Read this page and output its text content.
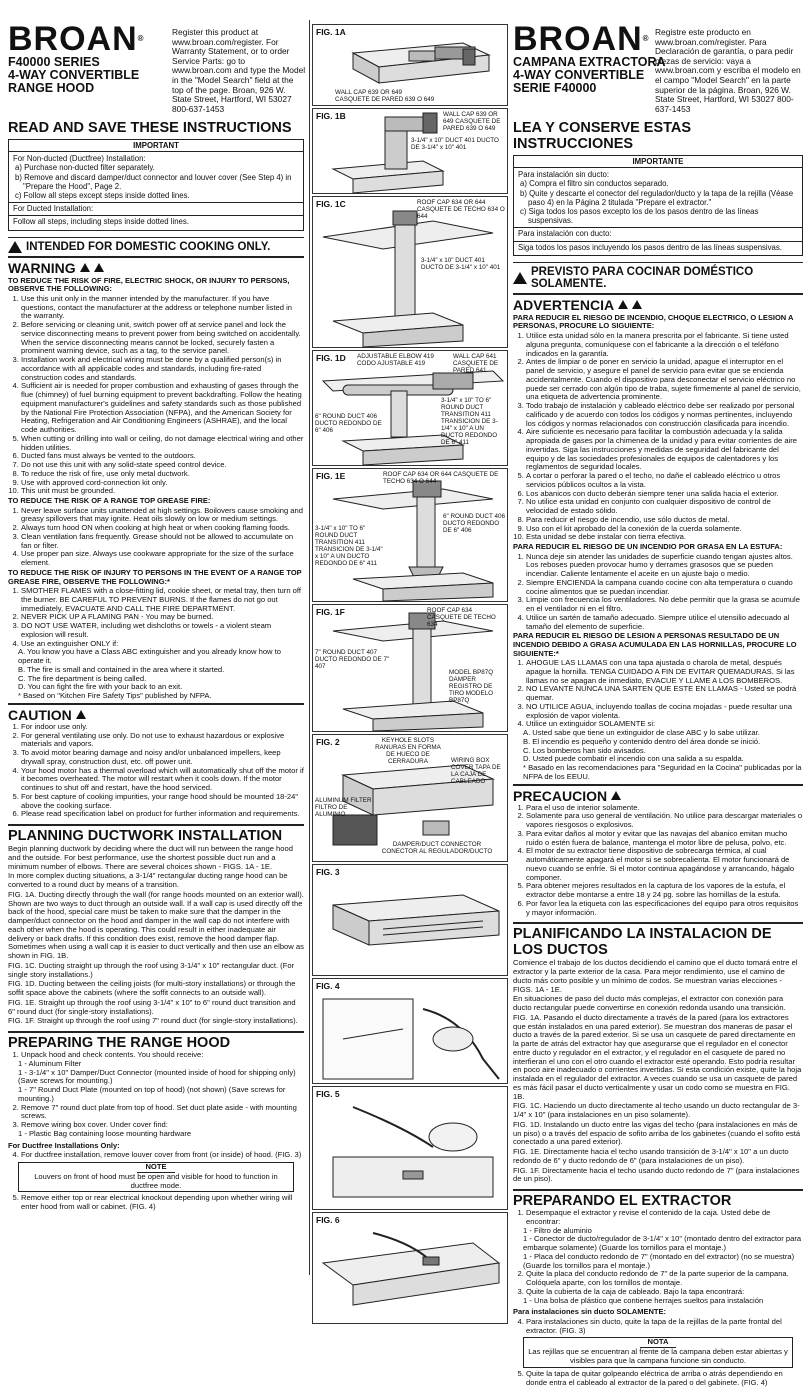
BROAN®
F40000 SERIES
4-WAY CONVERTIBLE
RANGE HOOD
Register this product at www.broan.com/register. For Warranty Statement, or to order Service Parts: go to www.broan.com and type the Model in the "Model Search" field at the top of the page. Broan, 926 W. State Street, Hartford, WI 53027 800-637-1453
READ AND SAVE THESE INSTRUCTIONS
IMPORTANT
For Non-ducted (Ductfree) Installation:
a) Purchase non-ducted filter separately.
b) Remove and discard damper/duct connector and louver cover (See Step 4) in "Prepare the Hood", Page 2.
c) Follow all steps except steps inside dotted lines.
For Ducted Installation:
Follow all steps, including steps inside dotted lines.
INTENDED FOR DOMESTIC COOKING ONLY.
WARNING
TO REDUCE THE RISK OF FIRE, ELECTRIC SHOCK, OR INJURY TO PERSONS, OBSERVE THE FOLLOWING:
1. Use this unit only in the manner intended by the manufacturer. If you have questions, contact the manufacturer at the address or telephone number listed in the warranty.
2. Before servicing or cleaning unit, switch power off at service panel and lock the service disconnecting means to prevent power from being switched on accidentally. When the service disconnecting means cannot be locked, securely fasten a prominent warning device, such as a tag, to the service panel.
3. Installation work and electrical wiring must be done by a qualified person(s) in accordance with all applicable codes and standards, including fire-rated construction codes and standards.
4. Sufficient air is needed for proper combustion and exhausting of gases through the flue (chimney) of fuel burning equipment to prevent backdrafting. Follow the heating equipment manufacturer's guidelines and safety standards such as those published by the National Fire Protection Association (NFPA), and the American Society for Heating, Refrigeration and Air Conditioning Engineers (ASHRAE), and the local code authorities.
5. When cutting or drilling into wall or ceiling, do not damage electrical wiring and other hidden utilities.
6. Ducted fans must always be vented to the outdoors.
7. Do not use this unit with any solid-state speed control device.
8. To reduce the risk of fire, use only metal ductwork.
9. Use with approved cord-connection kit only.
10. This unit must be grounded.
TO REDUCE THE RISK OF A RANGE TOP GREASE FIRE:
1. Never leave surface units unattended at high settings. Boilovers cause smoking and greasy spillovers that may ignite. Heat oils slowly on low or medium settings.
2. Always turn hood ON when cooking at high heat or when cooking flaming foods.
3. Clean ventilation fans frequently. Grease should not be allowed to accumulate on fan or filter.
4. Use proper pan size. Always use cookware appropriate for the size of the surface element.
TO REDUCE THE RISK OF INJURY TO PERSONS IN THE EVENT OF A RANGE TOP GREASE FIRE, OBSERVE THE FOLLOWING:*
1. SMOTHER FLAMES with a close-fitting lid, cookie sheet, or metal tray, then turn off the burner. BE CAREFUL TO PREVENT BURNS. If the flames do not go out immediately, EVACUATE AND CALL THE FIRE DEPARTMENT.
2. NEVER PICK UP A FLAMING PAN - You may be burned.
3. DO NOT USE WATER, including wet dishcloths or towels - a violent steam explosion will result.
4. Use an extinguisher ONLY if:
A. You know you have a Class ABC extinguisher and you already know how to operate it.
B. The fire is small and contained in the area where it started.
C. The fire department is being called.
D. You can fight the fire with your back to an exit.
* Based on "Kitchen Fire Safety Tips" published by NFPA.
CAUTION
1. For indoor use only.
2. For general ventilating use only. Do not use to exhaust hazardous or explosive materials and vapors.
3. To avoid motor bearing damage and noisy and/or unbalanced impellers, keep drywall spray, construction dust, etc. off power unit.
4. Your hood motor has a thermal overload which will automatically shut off the motor if it becomes overheated. The motor will restart when it cools down. If the motor continues to shut off and restart, have the hood serviced.
5. For best capture of cooking impurities, your range hood should be mounted 18-24" above the cooking surface.
6. Please read specification label on product for further information and requirements.
PLANNING DUCTWORK INSTALLATION
Begin planning ductwork by deciding where the duct will run between the range hood and the outside. For best performance, use the shortest possible duct run and a minimum number of elbows. There are several choices shown - FIGS. 1A - 1E.
In more complex ducting situations, a 3-1/4" rectangular ducting range hood can be converted to a round duct by means of a transition.
FIG. 1A. Ducting directly through the wall (for range hoods mounted on an exterior wall). Shown are two ways to duct through an outside wall. If a wall cap is used directly off the back of the hood, special care must be taken to make sure that the damper in the damper/duct connector on the hood and damper in the wall cap do not interfere with each other when the hood is operating. This could result in either inadequate air delivery or back drafts. If this condition does exist, remove the hood damper flap. Sometimes when using a wall cap it is easier to duct vertically and then use an elbow as shown in FIG. 1B.
FIG. 1C. Ducting straight up through the roof using 3-1/4" x 10" rectangular duct. (For single story installations.)
FIG. 1D. Ducting between the ceiling joists (for multi-story installations) or through the soffit space above the cabinets (where the soffit connects to an outside wall).
FIG. 1E. Straight up through the roof using 3-1/4" x 10" to 6" round duct transition and 6" round duct (for single-story installations).
FIG. 1F. Straight up through the roof using 7" round duct (for single-story installations).
PREPARING THE RANGE HOOD
1. Unpack hood and check contents. You should receive:
1 - Aluminum Filter
1 - 3-1/4" x 10" Damper/Duct Connector (mounted inside of hood for shipping only) (Save screws for mounting.)
1 - 7" Round Duct Plate (mounted on top of hood) (not shown) (Save screws for mounting.)
2. Remove 7" round duct plate from top of hood. Set duct plate aside - with mounting screws.
3. Remove wiring box cover. Under cover find:
1 - Plastic Bag containing loose mounting hardware
For Ductfree Installations Only:
4. For ductfree installation, remove louver cover from front (or inside) of hood. (FIG. 3)
NOTE
Louvers on front of hood must be open and visible for hood to function in ductfree mode.
5. Remove either top or rear electrical knockout depending upon whether wiring will enter hood from wall or cabinet. (FIG. 4)
FIG. 1A
WALL CAP 639 OR 649
CASQUETE DE PARED 639 O 649
FIG. 1B	WALL CAP 639 OR 649 CASQUETE DE PARED 639 O 649
3-1/4" x 10" DUCT 401 DUCTO DE 3-1/4" x 10" 401
FIG. 1C	ROOF CAP 634 OR 644 CASQUETE DE TECHO 634 O 644
3-1/4" x 10" DUCT 401 DUCTO DE 3-1/4" x 10" 401
FIG. 1D ADJUSTABLE ELBOW 419 CODO AJUSTABLE 419
WALL CAP 641 CASQUETE DE PARED 641
6" ROUND DUCT 406 DUCTO REDONDO DE 6" 406
3-1/4" x 10" TO 6" ROUND DUCT TRANSITION 411 TRANSICION DE 3-1/4" x 10" A UN DUCTO REDONDO DE 6" 411
FIG. 1E	ROOF CAP 634 OR 644 CASQUETE DE TECHO 634 O 644
6" ROUND DUCT 406 DUCTO REDONDO DE 6" 406
3-1/4" x 10" TO 6" ROUND DUCT TRANSITION 411 TRANSICION DE 3-1/4" x 10" A UN DUCTO REDONDO DE 6" 411
FIG. 1F	ROOF CAP 634 CASQUETE DE TECHO 634
7" ROUND DUCT 407 DUCTO REDONDO DE 7" 407
MODEL BP87Q DAMPER REGISTRO DE TIRO MODELO BP87Q
FIG. 2	KEYHOLE SLOTS RANURAS EN FORMA DE HUECO DE CERRADURA	WIRING BOX COVER TAPA DE LA CAJA DE CABLEADO
ALUMINUM FILTER FILTRO DE ALUMINIO
DAMPER/DUCT CONNECTOR CONECTOR AL REGULADOR/DUCTO
FIG. 3
FIG. 4
FIG. 5
FIG. 6
BROAN®
CAMPANA EXTRACTORA
4-WAY CONVERTIBLE
SERIE F40000
Registre este producto en www.broan.com/register. Para Declaración de garantía, o para pedir piezas de servicio: vaya a www.broan.com y escriba el modelo en el campo "Model Search" en la parte superior de la página. Broan, 926 W. State Street, Hartford, WI 53027 800-637-1453
LEA Y CONSERVE ESTAS INSTRUCCIONES
IMPORTANTE
Para instalación sin ducto:
a) Compra el filtro sin conductos separado.
b) Quite y descarte el conector del regulador/ducto y la tapa de la rejilla (Véase paso 4) en la Página 2 titulada "Prepare el extractor."
c) Siga todos los pasos excepto los de los pasos dentro de las líneas suspensivas.
Para instalación con ducto:
Siga todos los pasos incluyendo los pasos dentro de las líneas suspensivas.
PREVISTO PARA COCINAR DOMÉSTICO SOLAMENTE.
ADVERTENCIA
PARA REDUCIR EL RIESGO DE INCENDIO, CHOQUE ELECTRICO, O LESION A PERSONAS, PROCURE LO SIGUIENTE:
1. Utilice esta unidad sólo en la manera prescrita por el fabricante. Si tiene usted alguna pregunta, comuníquese con el fabricante a la dirección o el teléfono indicados en la garantía.
2. Antes de limpiar o de poner en servicio la unidad, apague el interruptor en el panel de servicio, y asegure el panel de servicio para evitar que se encienda accidentalmente. Cuando el dispositivo para desconectar el servicio eléctrico no puede ser cerrado con algún tipo de traba, sujete firmemente al panel de servicio, una etiqueta de advertencia prominente.
3. Todo trabajo de instalación y cableado eléctrico debe ser realizado por personal calificado y de acuerdo con todos los códigos y normas pertinentes, incluyendo los códigos y normas relacionados con construcción clasificada para incendio.
4. Aire suficiente es necesario para facilitar la combustión adecuada y la salida apropiada de gases por la chimenea de la unidad y para evitar corrientes de aire invertidas. Siga las instrucciones y medidas de seguridad del fabricante del equipo y de las sociedades profesionales de equipos de calentadores y los reglamentos de seguridad locales.
5. A cortar o perforar la pared o el techo, no dañe el cableado eléctrico u otros servicios públicos ocultos a la vista.
6. Los abanicos con ducto deberán siempre tener una salida hacia el exterior.
7. No utilice esta unidad en conjunto con cualquier dispositivo de control de velocidad de estado sólido.
8. Para reducir el riesgo de incendio, use sólo ductos de metal.
9. Uso con el kit aprobado del la conexión de la cuerda solamente.
10. Esta unidad se debe instalar con tierra efectiva.
PARA REDUCIR EL RIESGO DE UN INCENDIO POR GRASA EN LA ESTUFA:
1. Nunca deje sin atender las unidades de superficie cuando tengan ajustes altos. Los reboses pueden provocar humo y derrames grasosos que se pueden incendiar. Caliente lentamente el aceite en un ajuste bajo o medio.
2. Siempre ENCIENDA la campana cuando cocine con alta temperatura o cuando cocine alimentos que se puedan incendiar.
3. Limpie con frecuencia los ventiladores. No debe permitir que la grasa se acumule en el ventilador ni en el filtro.
4. Utilice un sartén de tamaño adecuado. Siempre utilice el utensilio adecuado al tamaño del elemento de superficie.
PARA REDUCIR EL RIESGO DE LESION A PERSONAS RESULTADO DE UN INCENDIO DEBIDO A GRASA ACUMULADA EN LAS HORNILLAS, PROCURE LO SIGUIENTE:*
1. AHOGUE LAS LLAMAS con una tapa ajustada o charola de metal, después apague la hornilla. TENGA CUIDADO A FIN DE EVITAR QUEMADURAS. Si las llamas no se apagan de inmediato, EVACUE Y LLAME A LOS BOMBEROS.
2. NO LEVANTE NUNCA UNA SARTEN QUE ESTE EN LLAMAS - Usted se podrá quemar.
3. NO UTILICE AGUA, incluyendo toallas de cocina mojadas - puede resultar una explosión de vapor violenta.
4. Utilice un extinguidor SOLAMENTE si:
A. Usted sabe que tiene un extinguidor de clase ABC y lo sabe utilizar.
B. El incendio es pequeño y contenido dentro del área donde se inició.
C. Los bomberos han sido avisados.
D. Usted puede combatir el incendio con una salida a su espalda.
* Basado en las recomendaciones para "Seguridad en la Cocina" publicadas por la NFPA de los EEUU.
PRECAUCION
1. Para el uso de interior solamente.
2. Solamente para uso general de ventilación. No utilice para descargar materiales o vapores riesgosos o explosivos.
3. Para evitar daños al motor y evitar que las navajas del abanico emitan mucho ruido o estén fuera de balance, mantenga el motor libre de pelusa, polvo, etc.
4. El motor de su extractor tiene dispositivo de sobrecarga térmica, al cual automáticamente apagará el motor si se sobrecalienta. El motor funcionará de nuevo cuando se enfríe. Si el motor continua apagándose y arrancando, hágalo componer.
5. Para obtener mejores resultados en la captura de los vapores de la estufa, el extractor debe montarse a entre 18 y 24 pg. sobre las hornillas de la estufa.
6. Por favor lea la etiqueta con las especificaciones del equipo para otros requisitos y mayor información.
PLANIFICANDO LA INSTALACION DE LOS DUCTOS
Comience el trabajo de los ductos decidiendo el camino que el ducto tomará entre el extractor y la parte exterior de la casa. Para mejor rendimiento, use el camino de ducto más corto posible y un mínimo de codos. Se muestran varias elecciones - FIGS. 1A - 1E.
En situaciones de paso del ducto más complejas, el extractor con conexión para ducto rectangular puede convertirse en conexión redonda usando una transición.
FIG. 1A. Pasando el ducto directamente a través de la pared (para los extractores que están instalados en una pared exterior). Se muestran dos maneras de pasar el ducto a través de la pared exterior. Si se usa un casquete de pared directamente en la parte de atrás del extractor hay que asegurarse que el regulador en el conector entre ducto y regulador en el extractor, y el regulador en el casquete de pared no interfieran el uno con el otro cuando el extractor esté operando. Esto podría resultar en poco aire inadecuado o corrientes invertidas. Si esta condición existe, quite la hoja instalada en el regulador del extractor. A veces cuando se usa un casquete de pared es más fácil pasar el ducto verticalmente y usar un codo como se muestra en FIG. 1B.
FIG. 1C. Haciendo un ducto directamente al techo usando un ducto rectangular de 3-1/4" x 10" (para instalaciones en un piso solamente).
FIG. 1D. Instalando un ducto entre las vigas del techo (para instalaciones en más de un piso) o a través del espacio de sofito arriba de los gabinetes (cuando el sofito está conectado a una pared exterior).
FIG. 1E. Directamente hacia el techo usando transición de 3-1/4" x 10" a un ducto redondo de 6" y ducto redondo de 6" (para instalaciones de un piso).
FIG. 1F. Directamente hacia el techo usando ducto redondo de 7" (para instalaciones de un piso).
PREPARANDO EL EXTRACTOR
1. Desempaque el extractor y revise el contenido de la caja. Usted debe de encontrar:
1 - Filtro de aluminio
1 - Conector de ducto/regulador de 3-1/4" x 10" (montado dentro del extractor para embarque solamente) (Guarde los tornillos para el montaje.)
1 - Placa del conducto redondo de 7" (montado en del extractor) (no se muestra) (Guarde los tornillos para el montaje.)
2. Quite la placa del conducto redondo de 7" de la parte superior de la campana. Colóquela aparte, con los tornillos de montaje.
3. Quite la cubierta de la caja de cableado. Bajo la tapa encontrará:
1 - Una bolsa de plástico que contiene herrajes sueltos para instalación
Para instalaciones sin ducto SOLAMENTE:
4. Para instalaciones sin ducto, quite la tapa de la rejillas de la parte frontal del extractor. (FIG. 3)
NOTA
Las rejillas que se encuentran al frente de la campana deben estar abiertas y visibles para que la campana funcione sin conducto.
5. Quite la tapa de quitar golpeando eléctrica de arriba o atrás dependiendo en donde entra el cableado al extractor de la pared o del gabinete. (FIG. 4)
